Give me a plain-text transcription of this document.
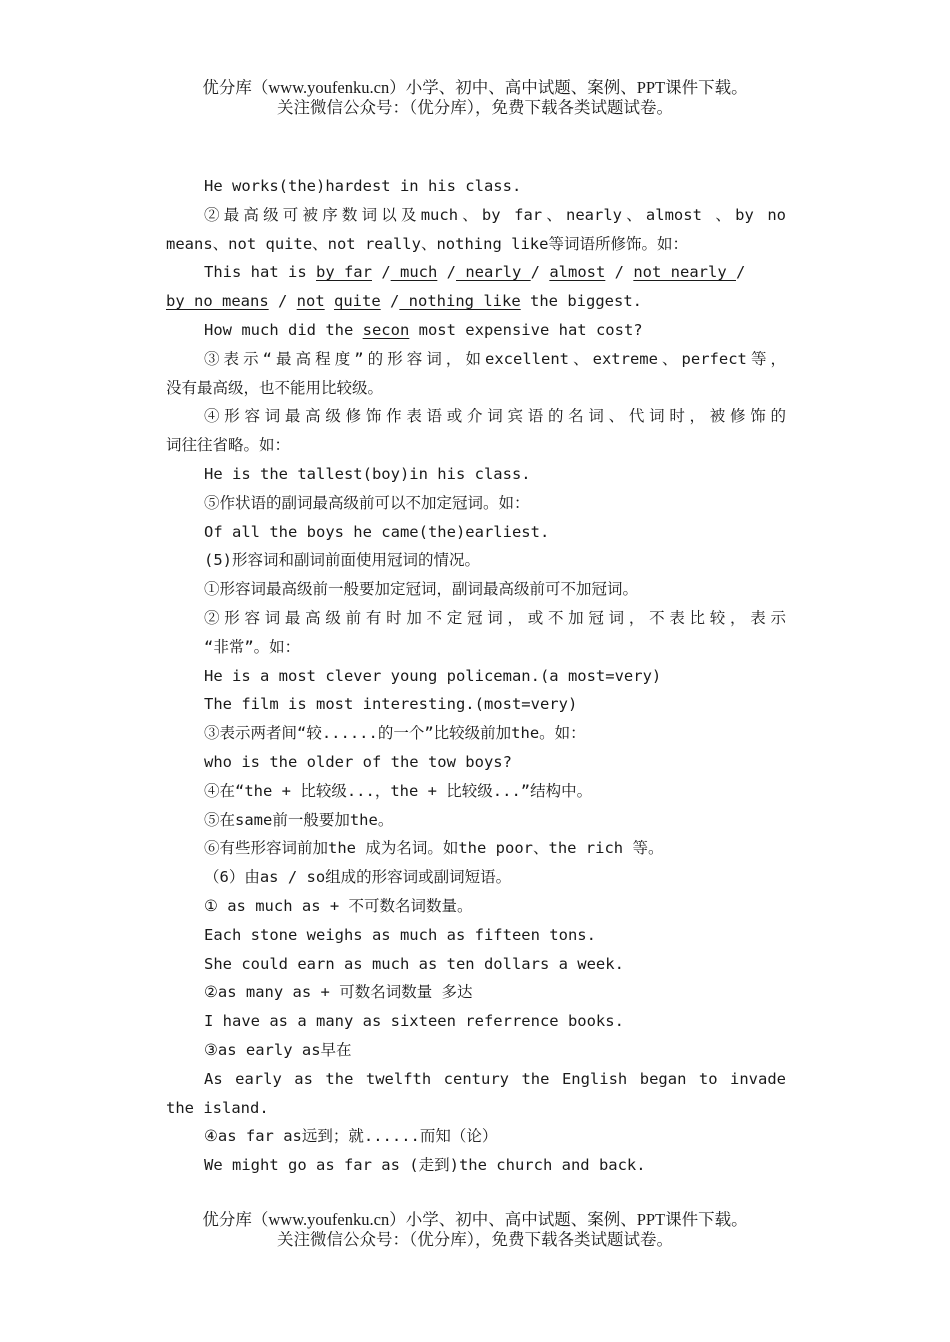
优分库（www.youfenku.cn）小学、初中、高中试题、案例、PPT课件下载。
关注微信公众号：（优分库），免费下载各类试题试卷。
He works(the)hardest in his class.
②最高级可被序数词以及much、by far、nearly、almost 、by no
means、not quite、not really、nothing like等词语所修饰。如：
This hat is by far / much / nearly / almost / not nearly /
by no means / not quite / nothing like the biggest.
How much did the secon most expensive hat cost?
③表示“最高程度”的形容词，如excellent、extreme、perfect等，
没有最高级，也不能用比较级。
④形容词最高级修饰作表语或介词宾语的名词、代词时，被修饰的
词往往省略。如：
He is the tallest(boy)in his class.
⑤作状语的副词最高级前可以不加定冠词。如：
Of all the boys he came(the)earliest.
(5)形容词和副词前面使用冠词的情况。
①形容词最高级前一般要加定冠词，副词最高级前可不加冠词。
②形容词最高级前有时加不定冠词，或不加冠词，不表比较，表示
“非常”。如：
He is a most clever young policeman.(a most=very)
The film is most interesting.(most=very)
③表示两者间“较......的一个”比较级前加the。如：
who is the older of the tow boys?
④在“the + 比较级...，the + 比较级...”结构中。
⑤在same前一般要加the。
⑥有些形容词前加the 成为名词。如the poor、the rich 等。
（6）由as / so组成的形容词或副词短语。
① as much as + 不可数名词数量。
Each stone weighs as much as fifteen tons.
She could earn as much as ten dollars a week.
②as many as + 可数名词数量 多达
I have as a many as sixteen referrence books.
③as early as早在
As early as the twelfth century the English began to invade
the island.
④as far as远到；就......而知（论）
We might go as far as (走到)the church and back.
优分库（www.youfenku.cn）小学、初中、高中试题、案例、PPT课件下载。
关注微信公众号：（优分库），免费下载各类试题试卷。
